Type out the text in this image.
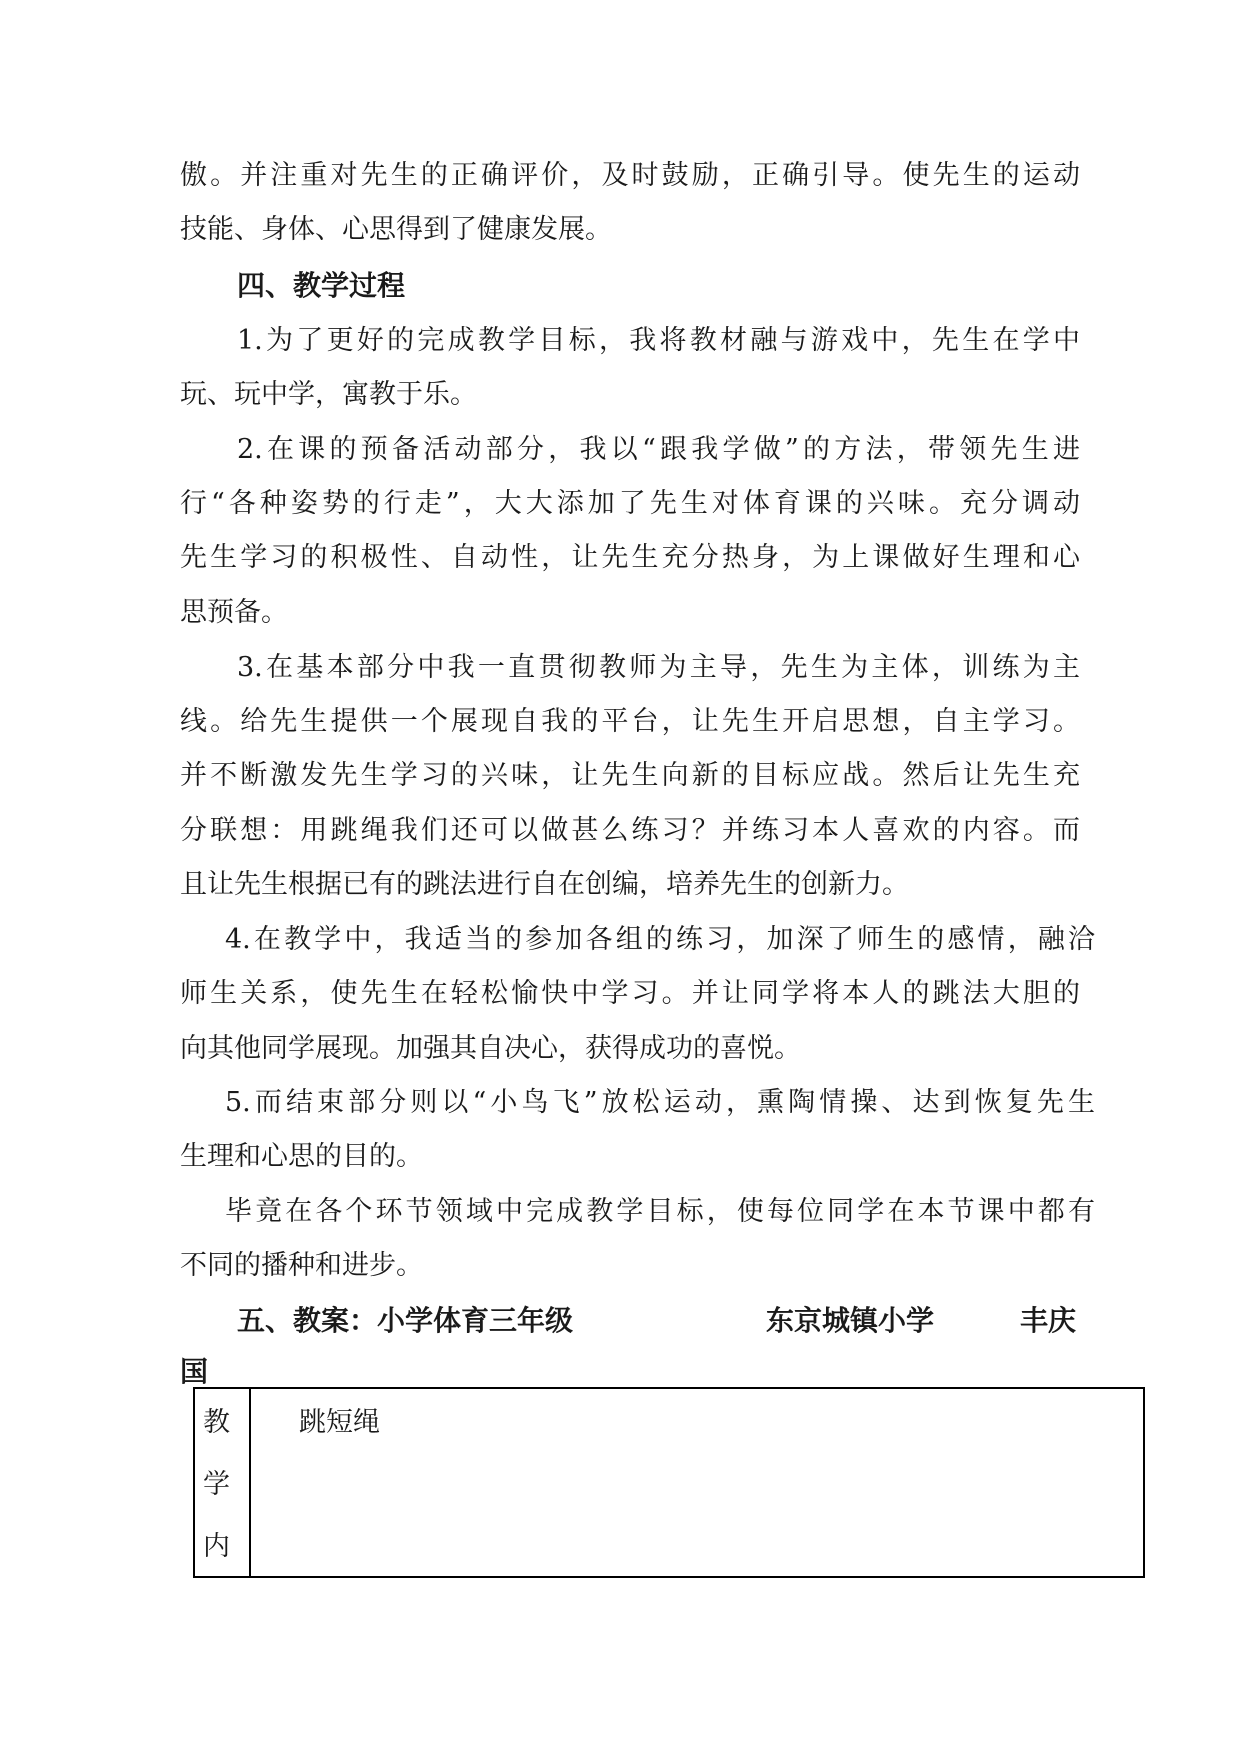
傲。并注重对先生的正确评价，及时鼓励，正确引导。使先生的运动
技能、身体、心思得到了健康发展。
四、教学过程
1.为了更好的完成教学目标，我将教材融与游戏中，先生在学中
玩、玩中学，寓教于乐。
2.在课的预备活动部分，我以“跟我学做”的方法，带领先生进
行“各种姿势的行走”，大大添加了先生对体育课的兴味。充分调动
先生学习的积极性、自动性，让先生充分热身，为上课做好生理和心
思预备。
3.在基本部分中我一直贯彻教师为主导，先生为主体，训练为主
线。给先生提供一个展现自我的平台，让先生开启思想，自主学习。
并不断激发先生学习的兴味，让先生向新的目标应战。然后让先生充
分联想：用跳绳我们还可以做甚么练习？并练习本人喜欢的内容。而
且让先生根据已有的跳法进行自在创编，培养先生的创新力。
4.在教学中，我适当的参加各组的练习，加深了师生的感情，融洽
师生关系，使先生在轻松愉快中学习。并让同学将本人的跳法大胆的
向其他同学展现。加强其自决心，获得成功的喜悦。
5.而结束部分则以“小鸟飞”放松运动，熏陶情操、达到恢复先生
生理和心思的目的。
毕竟在各个环节领域中完成教学目标，使每位同学在本节课中都有
不同的播种和进步。
五、教案：小学体育三年级	东京城镇小学	丰庆
国
教
学
内
跳短绳
